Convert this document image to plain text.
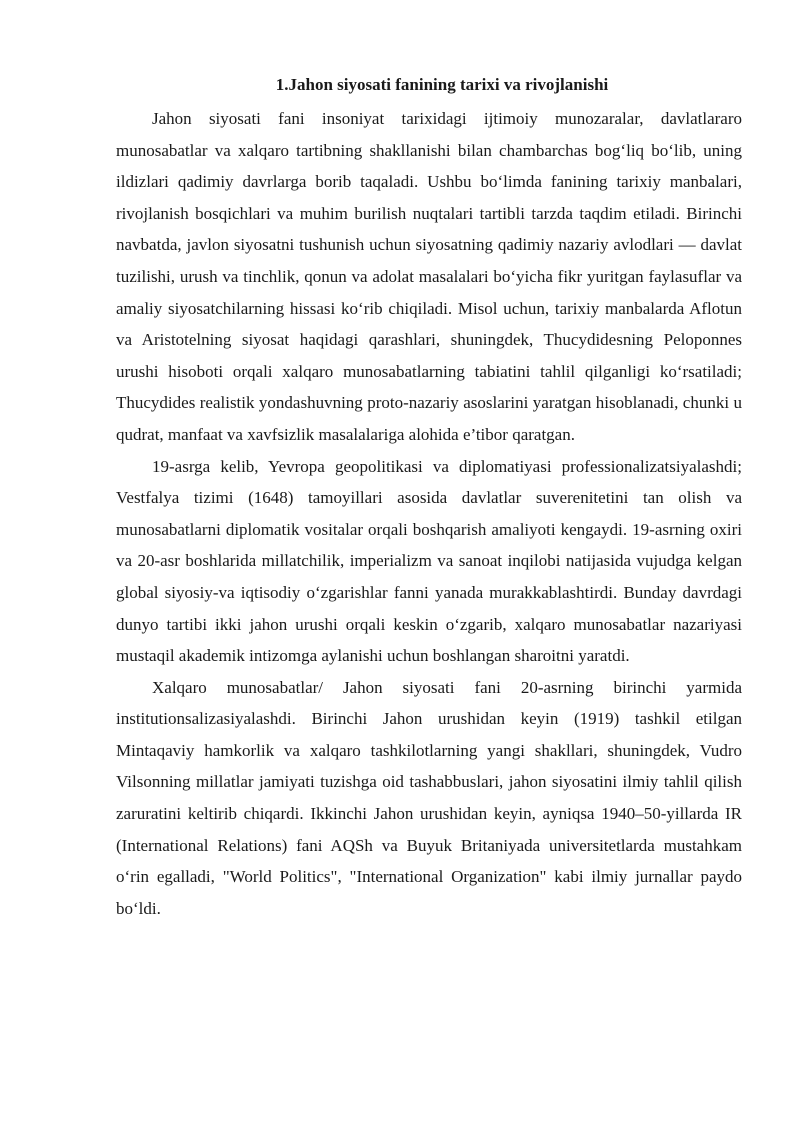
1.Jahon siyosati fanining tarixi va rivojlanishi

Jahon siyosati fani insoniyat tarixidagi ijtimoiy munozaralar, davlatlararo munosabatlar va xalqaro tartibning shakllanishi bilan chambarchas bog‘liq bo‘lib, uning ildizlari qadimiy davrlarga borib taqaladi. Ushbu bo‘limda fanining tarixiy manbalari, rivojlanish bosqichlari va muhim burilish nuqtalari tartibli tarzda taqdim etiladi. Birinchi navbatda, javlon siyosatni tushunish uchun siyosatning qadimiy nazariy avlodlari — davlat tuzilishi, urush va tinchlik, qonun va adolat masalalari bo‘yicha fikr yuritgan faylasuflar va amaliy siyosatchilarning hissasi ko‘rib chiqiladi. Misol uchun, tarixiy manbalarda Aflotun va Aristotelning siyosat haqidagi qarashlari, shuningdek, Thucydidesning Peloponnes urushi hisoboti orqali xalqaro munosabatlarning tabiatini tahlil qilganligi ko‘rsatiladi; Thucydides realistik yondashuvning proto-nazariy asoslarini yaratgan hisoblanadi, chunki u qudrat, manfaat va xavfsizlik masalalariga alohida e’tibor qaratgan.

19-asrga kelib, Yevropa geopolitikasi va diplomatiyasi professionalizatsiyalashdi; Vestfalya tizimi (1648) tamoyillari asosida davlatlar suverenitetini tan olish va munosabatlarni diplomatik vositalar orqali boshqarish amaliyoti kengaydi. 19-asrning oxiri va 20-asr boshlarida millatchilik, imperializm va sanoat inqilobi natijasida vujudga kelgan global siyosiy-va iqtisodiy o‘zgarishlar fanni yanada murakkablashtirdi. Bunday davrdagi dunyo tartibi ikki jahon urushi orqali keskin o‘zgarib, xalqaro munosabatlar nazariyasi mustaqil akademik intizomga aylanishi uchun boshlangan sharoitni yaratdi.

Xalqaro munosabatlar/ Jahon siyosati fani 20-asrning birinchi yarmida institutionsalizasiyalashdi. Birinchi Jahon urushidan keyin (1919) tashkil etilgan Mintaqaviy hamkorlik va xalqaro tashkilotlarning yangi shakllari, shuningdek, Vudro Vilsonning millatlar jamiyati tuzishga oid tashabbuslari, jahon siyosatini ilmiy tahlil qilish zaruratini keltirib chiqardi. Ikkinchi Jahon urushidan keyin, ayniqsa 1940–50-yillarda IR (International Relations) fani AQSh va Buyuk Britaniyada universitetlarda mustahkam o‘rin egalladi, "World Politics", "International Organization" kabi ilmiy jurnallar paydo bo‘ldi.
